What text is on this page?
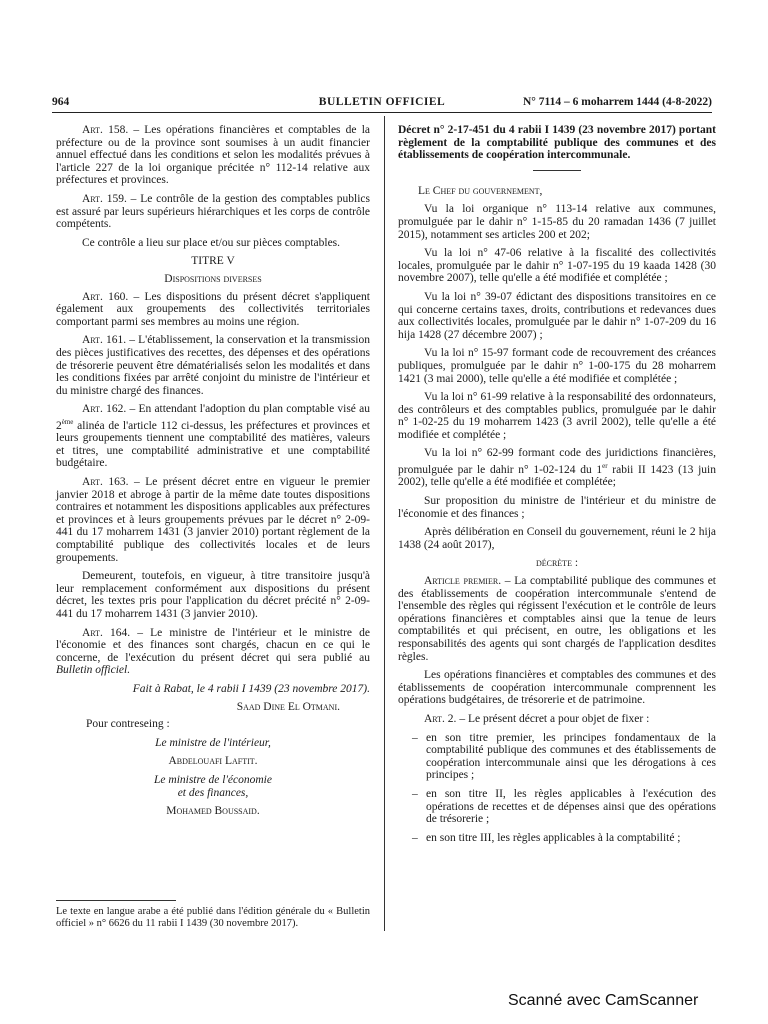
964	BULLETIN OFFICIEL	N° 7114 – 6 moharrem 1444 (4-8-2022)

Art. 158. – Les opérations financières et comptables de la préfecture ou de la province sont soumises à un audit financier annuel effectué dans les conditions et selon les modalités prévues à l'article 227 de la loi organique précitée n° 112-14 relative aux préfectures et provinces.

Art. 159. – Le contrôle de la gestion des comptables publics est assuré par leurs supérieurs hiérarchiques et les corps de contrôle compétents.

Ce contrôle a lieu sur place et/ou sur pièces comptables.

TITRE V

Dispositions diverses

Art. 160. – Les dispositions du présent décret s'appliquent également aux groupements des collectivités territoriales comportant parmi ses membres au moins une région.

Art. 161. – L'établissement, la conservation et la transmission des pièces justificatives des recettes, des dépenses et des opérations de trésorerie peuvent être dématérialisés selon les modalités et dans les conditions fixées par arrêté conjoint du ministre de l'intérieur et du ministre chargé des finances.

Art. 162. – En attendant l'adoption du plan comptable visé au 2ème alinéa de l'article 112 ci-dessus, les préfectures et provinces et leurs groupements tiennent une comptabilité des matières, valeurs et titres, une comptabilité administrative et une comptabilité budgétaire.

Art. 163. – Le présent décret entre en vigueur le premier janvier 2018 et abroge à partir de la même date toutes dispositions contraires et notamment les dispositions applicables aux préfectures et provinces et à leurs groupements prévues par le décret n° 2-09-441 du 17 moharrem 1431 (3 janvier 2010) portant règlement de la comptabilité publique des collectivités locales et de leurs groupements.

Demeurent, toutefois, en vigueur, à titre transitoire jusqu'à leur remplacement conformément aux dispositions du présent décret, les textes pris pour l'application du décret précité n° 2-09-441 du 17 moharrem 1431 (3 janvier 2010).

Art. 164. – Le ministre de l'intérieur et le ministre de l'économie et des finances sont chargés, chacun en ce qui le concerne, de l'exécution du présent décret qui sera publié au Bulletin officiel.

Fait à Rabat, le 4 rabii I 1439 (23 novembre 2017).

Saad Dine El Otmani.

Pour contreseing :

Le ministre de l'intérieur,

Abdelouafi Laftit.

Le ministre de l'économie

et des finances,

Mohamed Boussaid.

Le texte en langue arabe a été publié dans l'édition générale du « Bulletin officiel » n° 6626 du 11 rabii I 1439 (30 novembre 2017).

Décret n° 2-17-451 du 4 rabii I 1439 (23 novembre 2017) portant règlement de la comptabilité publique des communes et des établissements de coopération intercommunale.

Le Chef du gouvernement,

Vu la loi organique n° 113-14 relative aux communes, promulguée par le dahir n° 1-15-85 du 20 ramadan 1436 (7 juillet 2015), notamment ses articles 200 et 202;

Vu la loi n° 47-06 relative à la fiscalité des collectivités locales, promulguée par le dahir n° 1-07-195 du 19 kaada 1428 (30 novembre 2007), telle qu'elle a été modifiée et complétée ;

Vu la loi n° 39-07 édictant des dispositions transitoires en ce qui concerne certains taxes, droits, contributions et redevances dues aux collectivités locales, promulguée par le dahir n° 1-07-209 du 16 hija 1428 (27 décembre 2007) ;

Vu la loi n° 15-97 formant code de recouvrement des créances publiques, promulguée par le dahir n° 1-00-175 du 28 moharrem 1421 (3 mai 2000), telle qu'elle a été modifiée et complétée ;

Vu la loi n° 61-99 relative à la responsabilité des ordonnateurs, des contrôleurs et des comptables publics, promulguée par le dahir n° 1-02-25 du 19 moharrem 1423 (3 avril 2002), telle qu'elle a été modifiée et complétée ;

Vu la loi n° 62-99 formant code des juridictions financières, promulguée par le dahir n° 1-02-124 du 1er rabii II 1423 (13 juin 2002), telle qu'elle a été modifiée et complétée;

Sur proposition du ministre de l'intérieur et du ministre de l'économie et des finances ;

Après délibération en Conseil du gouvernement, réuni le 2 hija 1438 (24 août 2017),

décrète :

Article premier. – La comptabilité publique des communes et des établissements de coopération intercommunale s'entend de l'ensemble des règles qui régissent l'exécution et le contrôle de leurs opérations financières et comptables ainsi que la tenue de leurs comptabilités et qui précisent, en outre, les obligations et les responsabilités des agents qui sont chargés de l'application desdites règles.

Les opérations financières et comptables des communes et des établissements de coopération intercommunale comprennent les opérations budgétaires, de trésorerie et de patrimoine.

Art. 2. – Le présent décret a pour objet de fixer :

– en son titre premier, les principes fondamentaux de la comptabilité publique des communes et des établissements de coopération intercommunale ainsi que les dérogations à ces principes ;

– en son titre II, les règles applicables à l'exécution des opérations de recettes et de dépenses ainsi que des opérations de trésorerie ;

– en son titre III, les règles applicables à la comptabilité ;

Scanné avec CamScanner
